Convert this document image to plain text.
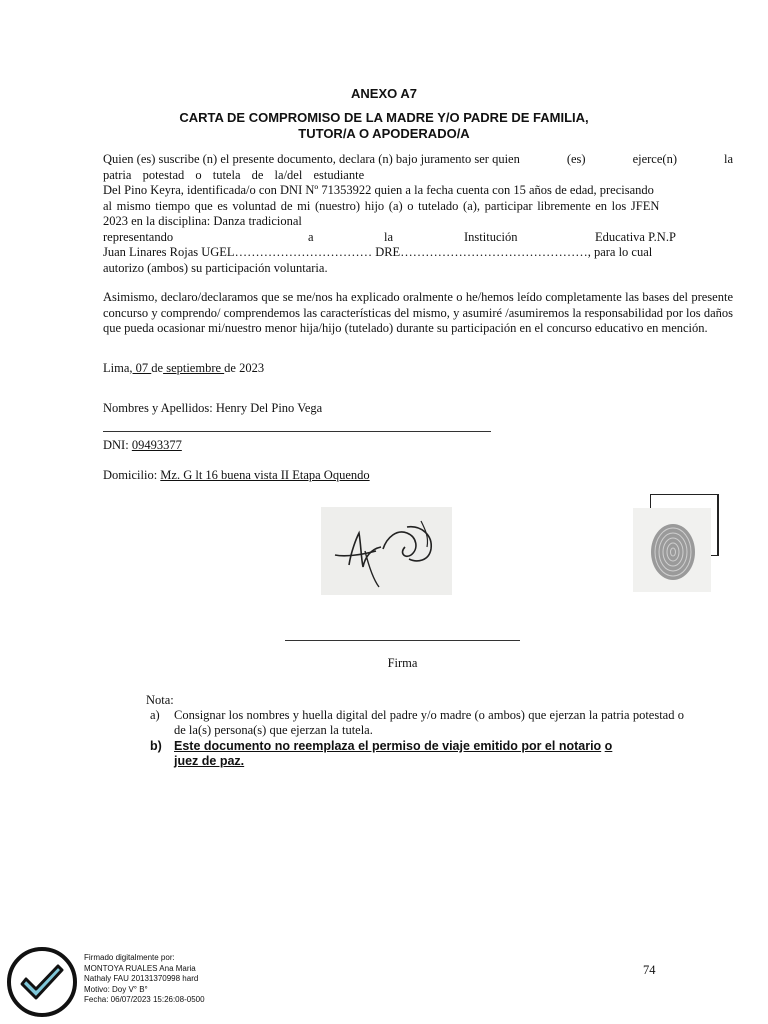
ANEXO A7
CARTA DE COMPROMISO DE LA MADRE Y/O PADRE DE FAMILIA,
TUTOR/A O APODERADO/A
Quien (es) suscribe (n) el presente documento, declara (n) bajo juramento ser quien	(es)	ejerce(n)	la
patria potestad o tutela de la/del estudiante
Del Pino Keyra, identificada/o con DNI Nº 71353922 quien a la fecha cuenta con 15 años de edad, precisando
al mismo tiempo que es voluntad de mi (nuestro) hijo (a) o tutelado (a), participar libremente en los JFEN
2023 en la disciplina: Danza tradicional
representando	a	la	Institución	Educativa P.N.P
Juan Linares Rojas UGEL…………………………… DRE………………………………………, para lo cual
autorizo (ambos) su participación voluntaria.
Asimismo, declaro/declaramos que se me/nos ha explicado oralmente o he/hemos leído completamente las bases del presente concurso y comprendo/ comprendemos las características del mismo, y asumiré /asumiremos la responsabilidad por los daños que pueda ocasionar mi/nuestro menor hija/hijo (tutelado) durante su participación en el concurso educativo en mención.
Lima, 07 de septiembre de 2023
Nombres y Apellidos: Henry Del Pino Vega
DNI: 09493377
Domicilio: Mz. G lt 16 buena vista II Etapa Oquendo
Firma
Nota:
a) Consignar los nombres y huella digital del padre y/o madre (o ambos) que ejerzan la patria potestad o de la(s) persona(s) que ejerzan la tutela.
b) Este documento no reemplaza el permiso de viaje emitido por el notario o
juez de paz.
Firmado digitalmente por:
MONTOYA RUALES Ana Maria
Nathaly FAU 20131370998 hard
Motivo: Doy V° B°
Fecha: 06/07/2023 15:26:08-0500
74
